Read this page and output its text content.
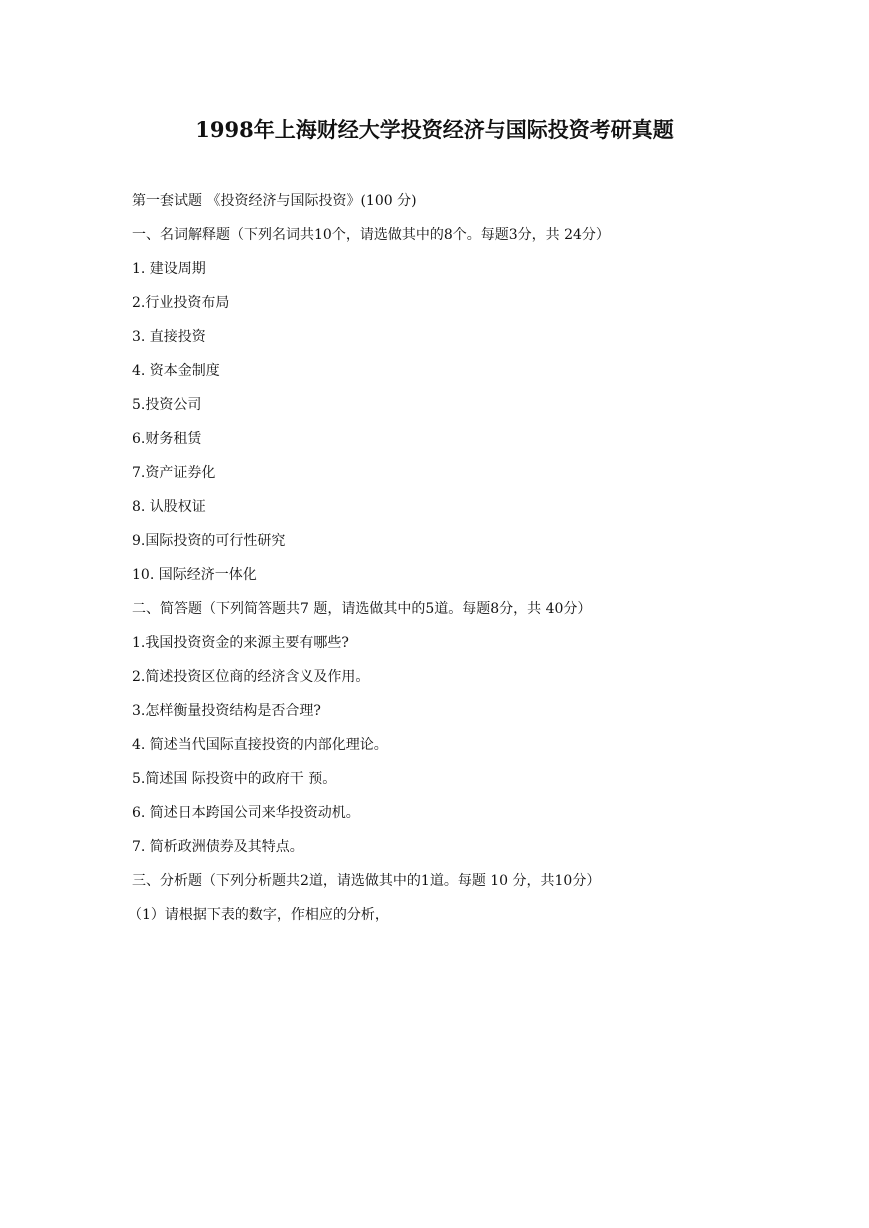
1998年上海财经大学投资经济与国际投资考研真题
第一套试题 《投资经济与国际投资》(100 分)
一、名词解释题（下列名词共10个，请选做其中的8个。每题3分，共 24分）
1. 建设周期
2.行业投资布局
3. 直接投资
4. 资本金制度
5.投资公司
6.财务租赁
7.资产证券化
8. 认股权证
9.国际投资的可行性研究
10. 国际经济一体化
二、简答题（下列简答题共7 题，请选做其中的5道。每题8分，共 40分）
1.我国投资资金的来源主要有哪些?
2.简述投资区位商的经济含义及作用。
3.怎样衡量投资结构是否合理?
4. 简述当代国际直接投资的内部化理论。
5.简述国 际投资中的政府干 预。
6. 简述日本跨国公司来华投资动机。
7. 简析政洲债券及其特点。
三、分析题（下列分析题共2道，请选做其中的1道。每题 10 分，共10分）
（1）请根据下表的数字，作相应的分析，
